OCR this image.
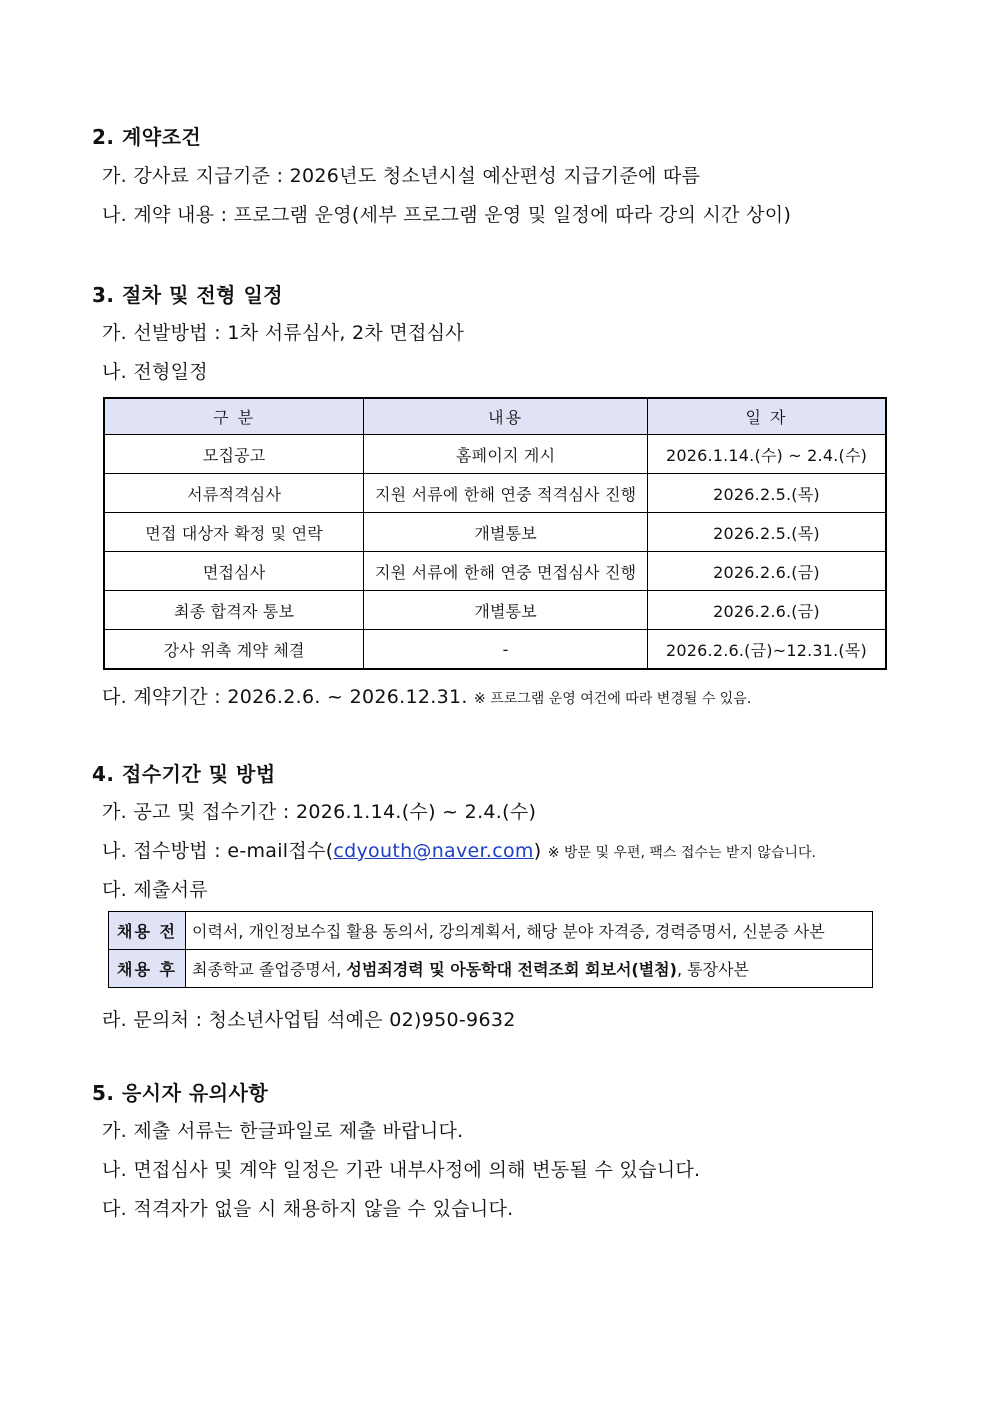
2. 계약조건
가. 강사료 지급기준 : 2026년도 청소년시설 예산편성 지급기준에 따름
나. 계약 내용 : 프로그램 운영(세부 프로그램 운영 및 일정에 따라 강의 시간 상이)
3. 절차 및 전형 일정
가. 선발방법 : 1차 서류심사, 2차 면접심사
나. 전형일정
구 분	내용	일 자
모집공고	홈페이지 게시	2026.1.14.(수) ~ 2.4.(수)
서류적격심사	지원 서류에 한해 연중 적격심사 진행	2026.2.5.(목)
면접 대상자 확정 및 연락	개별통보	2026.2.5.(목)
면접심사	지원 서류에 한해 연중 면접심사 진행	2026.2.6.(금)
최종 합격자 통보	개별통보	2026.2.6.(금)
강사 위촉 계약 체결	-	2026.2.6.(금)~12.31.(목)
다. 계약기간 : 2026.2.6. ~ 2026.12.31. ※ 프로그램 운영 여건에 따라 변경될 수 있음.
4. 접수기간 및 방법
가. 공고 및 접수기간 : 2026.1.14.(수) ~ 2.4.(수)
나. 접수방법 : e-mail접수(cdyouth@naver.com) ※ 방문 및 우편, 팩스 접수는 받지 않습니다.
다. 제출서류
채용 전	이력서, 개인정보수집 활용 동의서, 강의계획서, 해당 분야 자격증, 경력증명서, 신분증 사본
채용 후	최종학교 졸업증명서, 성범죄경력 및 아동학대 전력조회 회보서(별첨), 통장사본
라. 문의처 : 청소년사업팀 석예은 02)950-9632
5. 응시자 유의사항
가. 제출 서류는 한글파일로 제출 바랍니다.
나. 면접심사 및 계약 일정은 기관 내부사정에 의해 변동될 수 있습니다.
다. 적격자가 없을 시 채용하지 않을 수 있습니다.
